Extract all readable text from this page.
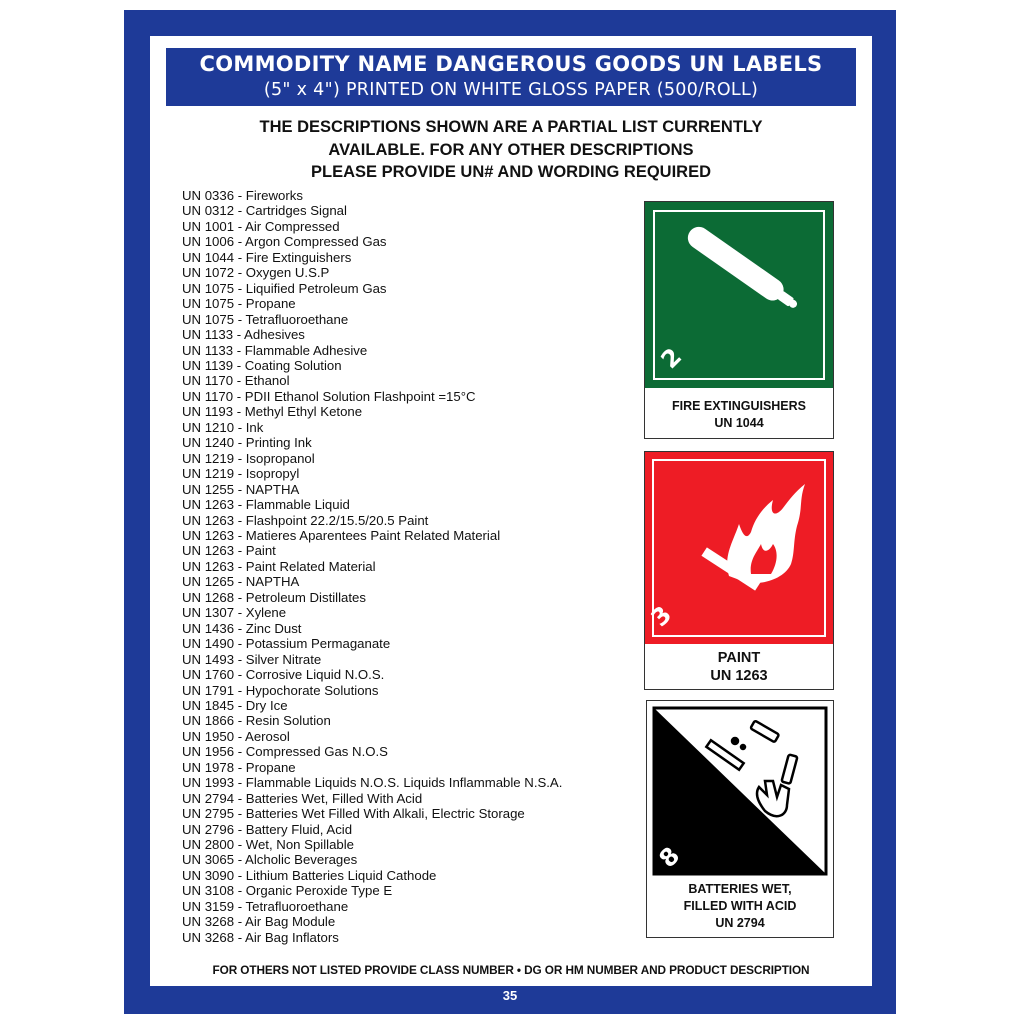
COMMODITY NAME DANGEROUS GOODS UN LABELS
(5" x 4") PRINTED ON WHITE GLOSS PAPER (500/ROLL)
THE DESCRIPTIONS SHOWN ARE A PARTIAL LIST CURRENTLY
AVAILABLE. FOR ANY OTHER DESCRIPTIONS
PLEASE PROVIDE UN# AND WORDING REQUIRED
UN 0336 - Fireworks
UN 0312 - Cartridges Signal
UN 1001 - Air Compressed
UN 1006 - Argon Compressed Gas
UN 1044 - Fire Extinguishers
UN 1072 - Oxygen U.S.P
UN 1075 - Liquified Petroleum Gas
UN 1075 - Propane
UN 1075 - Tetrafluoroethane
UN 1133 - Adhesives
UN 1133 - Flammable Adhesive
UN 1139 - Coating Solution
UN 1170 - Ethanol
UN 1170 - PDII Ethanol Solution Flashpoint =15°C
UN 1193 - Methyl Ethyl Ketone
UN 1210 - Ink
UN 1240 - Printing Ink
UN 1219 - Isopropanol
UN 1219 - Isopropyl
UN 1255 - NAPTHA
UN 1263 - Flammable Liquid
UN 1263 - Flashpoint 22.2/15.5/20.5 Paint
UN 1263 - Matieres Aparentees Paint Related Material
UN 1263 - Paint
UN 1263 - Paint Related Material
UN 1265 - NAPTHA
UN 1268 - Petroleum Distillates
UN 1307 - Xylene
UN 1436 - Zinc Dust
UN 1490 - Potassium Permaganate
UN 1493 - Silver Nitrate
UN 1760 - Corrosive Liquid N.O.S.
UN 1791 - Hypochorate Solutions
UN 1845 - Dry Ice
UN 1866 - Resin Solution
UN 1950 - Aerosol
UN 1956 - Compressed Gas N.O.S
UN 1978 - Propane
UN 1993 - Flammable Liquids N.O.S. Liquids Inflammable N.S.A.
UN 2794 - Batteries Wet, Filled With Acid
UN 2795 - Batteries Wet Filled With Alkali, Electric Storage
UN 2796 - Battery Fluid, Acid
UN 2800 - Wet, Non Spillable
UN 3065 - Alcholic Beverages
UN 3090 - Lithium Batteries Liquid Cathode
UN 3108 - Organic Peroxide Type E
UN 3159 - Tetrafluoroethane
UN 3268 - Air Bag Module
UN 3268 - Air Bag Inflators
2
FIRE EXTINGUISHERS
UN 1044
3
PAINT
UN 1263
8
BATTERIES WET,
FILLED WITH ACID
UN 2794
FOR OTHERS NOT LISTED PROVIDE CLASS NUMBER • DG OR HM NUMBER AND PRODUCT DESCRIPTION
35
